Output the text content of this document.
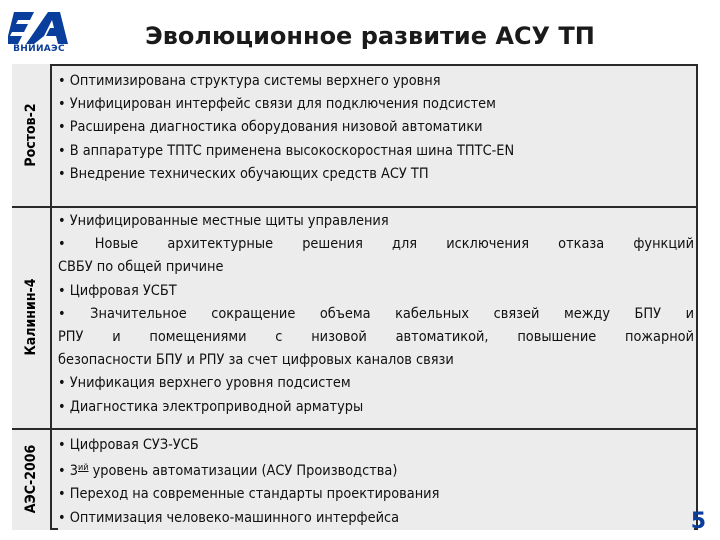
ВНИИАЭС	Эволюционное развитие АСУ ТП
Ростов-2
Калинин-4
АЭС-2006
• Оптимизирована структура системы верхнего уровня
• Унифицирован интерфейс связи для подключения подсистем
• Расширена диагностика оборудования низовой автоматики
• В аппаратуре ТПТС применена высокоскоростная шина ТПТС-EN
• Внедрение технических обучающих средств АСУ ТП
• Унифицированные местные щиты управления
• Новые архитектурные решения для исключения отказа функций
СВБУ по общей причине
• Цифровая УСБТ
• Значительное сокращение объема кабельных связей между БПУ и
РПУ и помещениями с низовой автоматикой, повышение пожарной
безопасности БПУ и РПУ за счет цифровых каналов связи
• Унификация верхнего уровня подсистем
• Диагностика электроприводной арматуры
• Цифровая СУЗ-УСБ
• $3^{ий}$ уровень автоматизации (АСУ Производства)
• Переход на современные стандарты проектирования
• Оптимизация человеко-машинного интерфейса	5
